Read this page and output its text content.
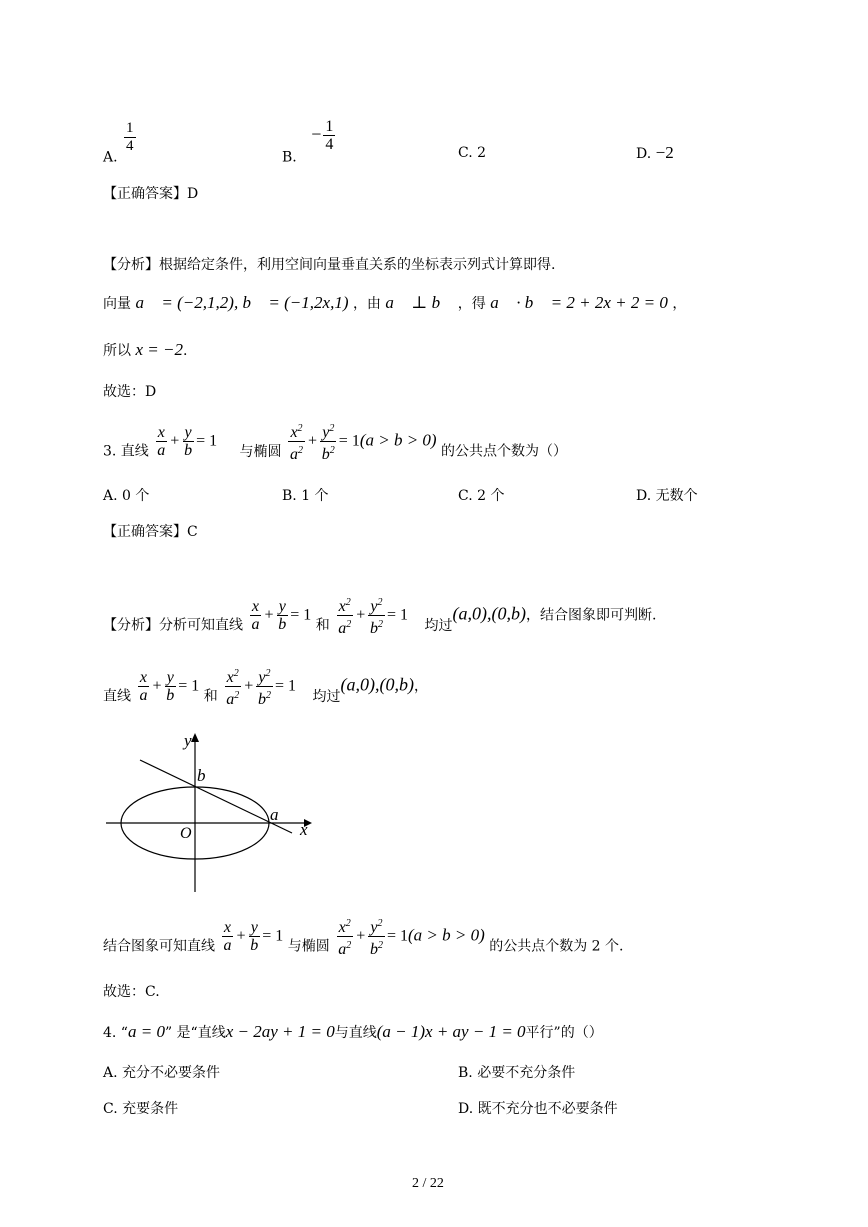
A.
$\frac{1}{4}$
B. − $\frac{1}{4}$	C. 2	D. −2
【正确答案】D
【分析】根据给定条件，利用空间向量垂直关系的坐标表示列式计算即得.
向量 a⃗ = (−2,1,2), b⃗ = (−1,2x,1) ，由 a⃗ ⊥ b⃗ ，得 a⃗ · b⃗ = 2 + 2x + 2 = 0 ，
所以 x = −2.
故选：D
3. 直线 $\frac{x}{a} + \frac{y}{b} = 1$ 与椭圆 $\frac{x^2}{a^2} + \frac{y^2}{b^2} = 1(a > b > 0)$ 的公共点个数为（）
A. 0 个	B. 1 个	C. 2 个	D. 无数个
【正确答案】C
【分析】分析可知直线 $\frac{x}{a} + \frac{y}{b} = 1$ 和 $\frac{x^2}{a^2} + \frac{y^2}{b^2} = 1$ 均过(a,0),(0,b)，结合图象即可判断.
直线 $\frac{x}{a} + \frac{y}{b} = 1$ 和 $\frac{x^2}{a^2} + \frac{y^2}{b^2} = 1$ 均过(a,0),(0,b)，
y
x
b
a
O
结合图象可知直线 $\frac{x}{a} + \frac{y}{b} = 1$ 与椭圆 $\frac{x^2}{a^2} + \frac{y^2}{b^2} = 1(a > b > 0)$ 的公共点个数为 2 个.
故选：C.
4. “a = 0” 是“直线x − 2ay + 1 = 0与直线(a − 1)x + ay − 1 = 0平行”的（）
A. 充分不必要条件	B. 必要不充分条件
C. 充要条件	D. 既不充分也不必要条件
2 / 22
